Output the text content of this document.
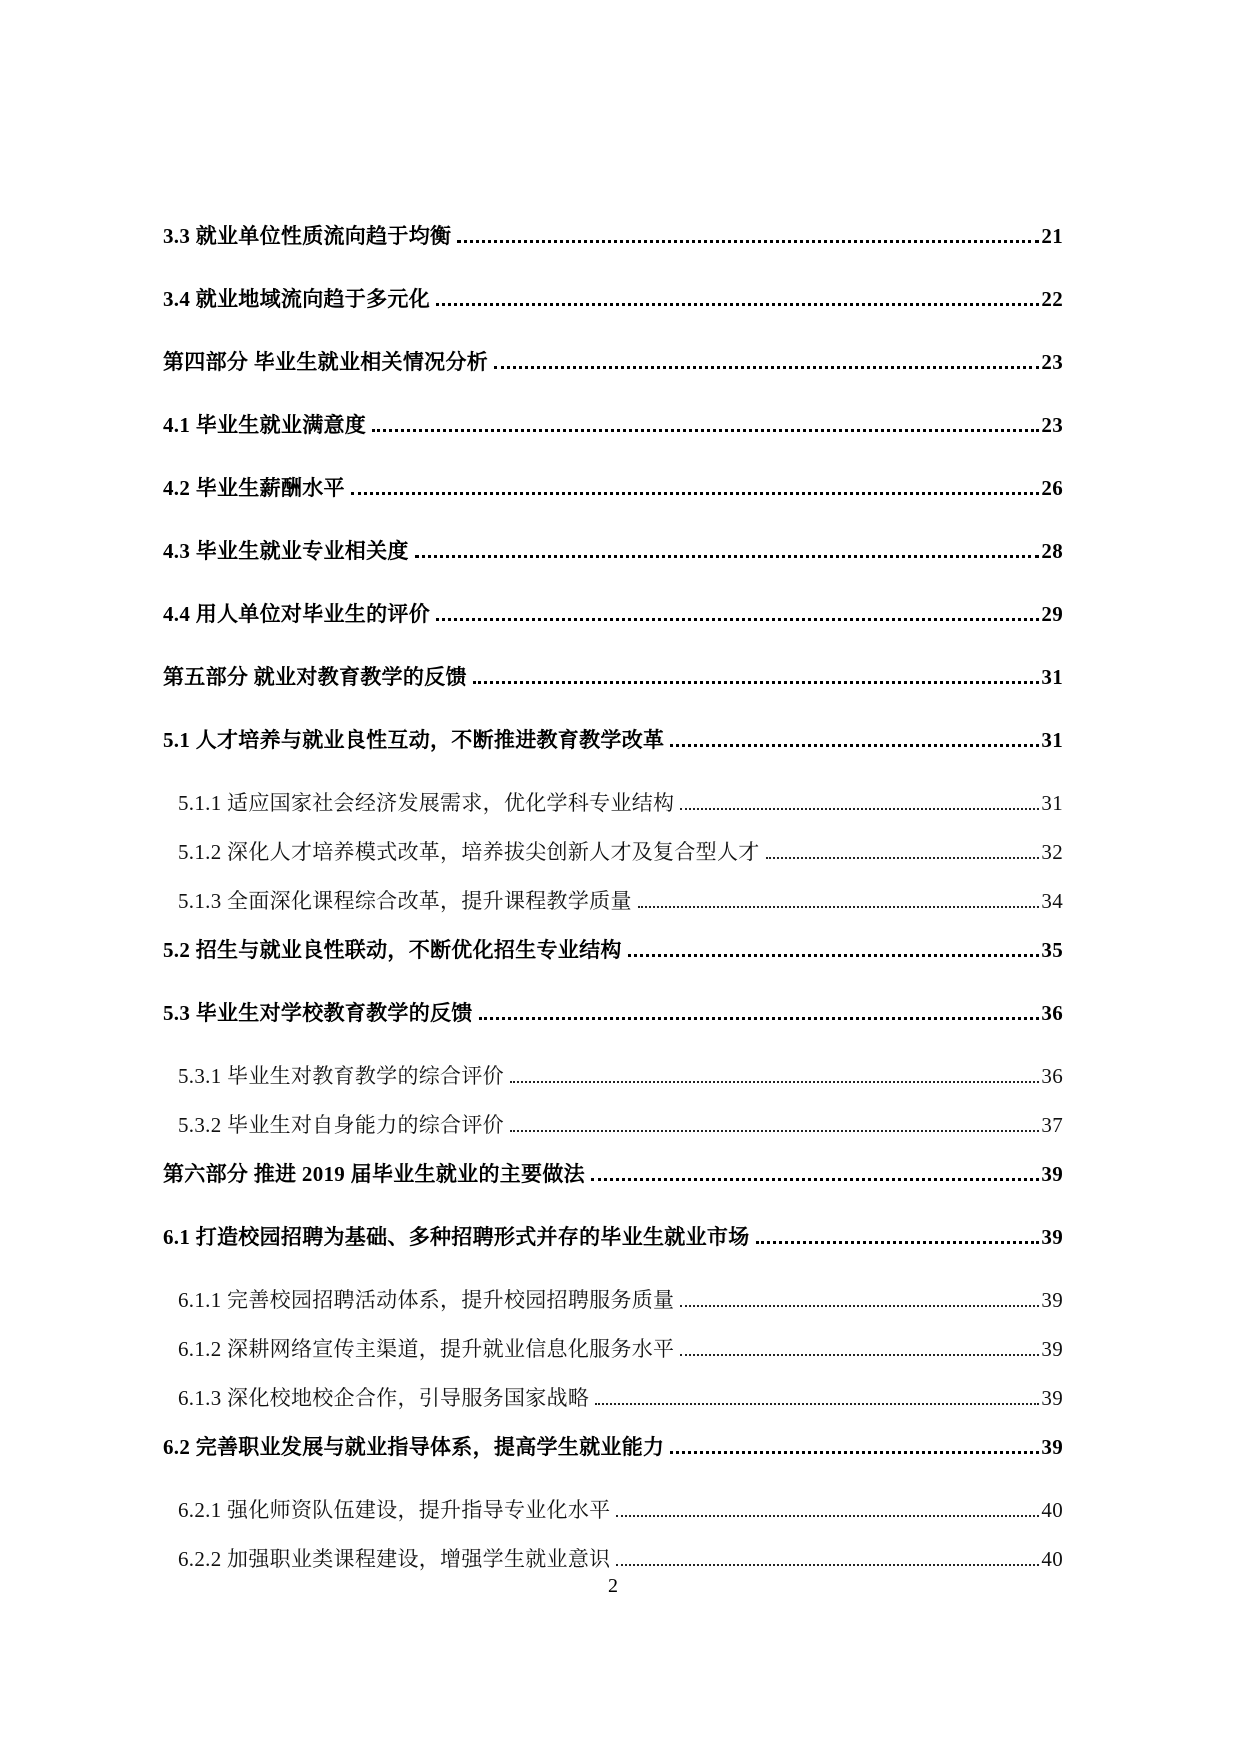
3.3 就业单位性质流向趋于均衡	21
3.4 就业地域流向趋于多元化	22
第四部分 毕业生就业相关情况分析	23
4.1 毕业生就业满意度	23
4.2 毕业生薪酬水平	26
4.3 毕业生就业专业相关度	28
4.4 用人单位对毕业生的评价	29
第五部分 就业对教育教学的反馈	31
5.1 人才培养与就业良性互动，不断推进教育教学改革	31
5.1.1 适应国家社会经济发展需求，优化学科专业结构	31
5.1.2 深化人才培养模式改革，培养拔尖创新人才及复合型人才	32
5.1.3 全面深化课程综合改革，提升课程教学质量	34
5.2 招生与就业良性联动，不断优化招生专业结构	35
5.3 毕业生对学校教育教学的反馈	36
5.3.1 毕业生对教育教学的综合评价	36
5.3.2 毕业生对自身能力的综合评价	37
第六部分 推进 2019 届毕业生就业的主要做法	39
6.1 打造校园招聘为基础、多种招聘形式并存的毕业生就业市场	39
6.1.1 完善校园招聘活动体系，提升校园招聘服务质量	39
6.1.2 深耕网络宣传主渠道，提升就业信息化服务水平	39
6.1.3 深化校地校企合作，引导服务国家战略	39
6.2 完善职业发展与就业指导体系，提高学生就业能力	39
6.2.1 强化师资队伍建设，提升指导专业化水平	40
6.2.2 加强职业类课程建设，增强学生就业意识	40
2
